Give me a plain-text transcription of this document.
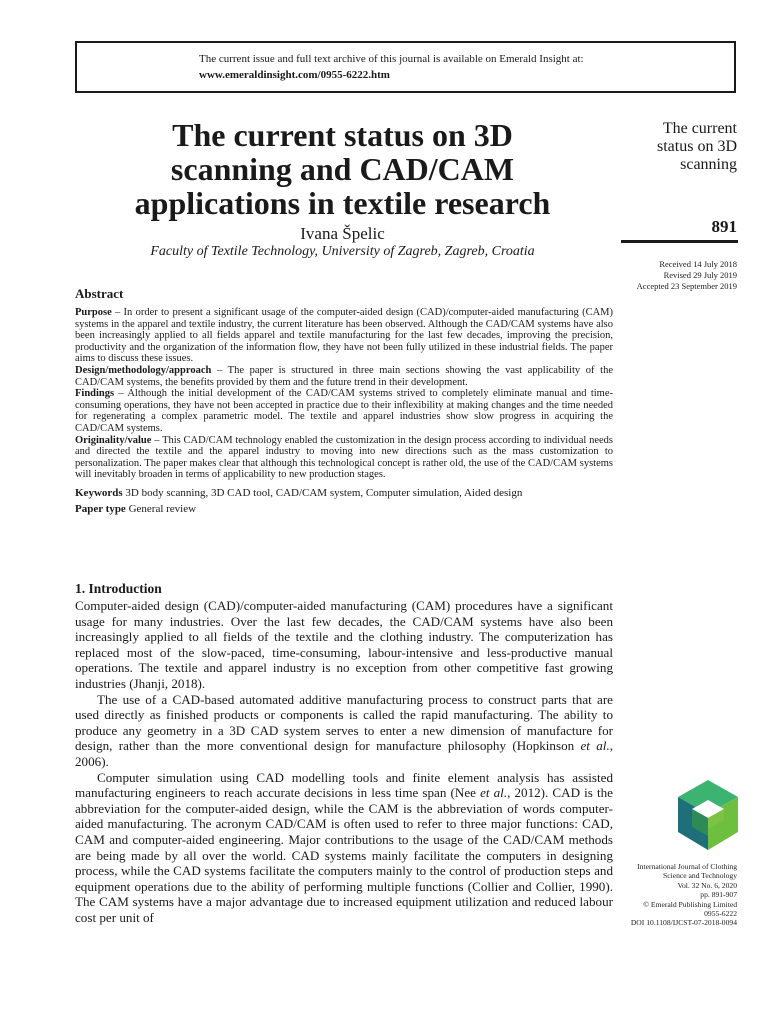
The current issue and full text archive of this journal is available on Emerald Insight at:
www.emeraldinsight.com/0955-6222.htm
The current status on 3D
scanning and CAD/CAM
applications in textile research
Ivana Špelic
Faculty of Textile Technology, University of Zagreb, Zagreb, Croatia
The current
status on 3D
scanning
891
Received 14 July 2018
Revised 29 July 2019
Accepted 23 September 2019
Abstract

Purpose – In order to present a significant usage of the computer-aided design (CAD)/computer-aided manufacturing (CAM) systems in the apparel and textile industry, the current literature has been observed. Although the CAD/CAM systems have also been increasingly applied to all fields apparel and textile manufacturing for the last few decades, improving the precision, productivity and the organization of the information flow, they have not been fully utilized in these industrial fields. The paper aims to discuss these issues.

Design/methodology/approach – The paper is structured in three main sections showing the vast applicability of the CAD/CAM systems, the benefits provided by them and the future trend in their development.

Findings – Although the initial development of the CAD/CAM systems strived to completely eliminate manual and time-consuming operations, they have not been accepted in practice due to their inflexibility at making changes and the time needed for regenerating a complex parametric model. The textile and apparel industries show slow progress in acquiring the CAD/CAM systems.

Originality/value – This CAD/CAM technology enabled the customization in the design process according to individual needs and directed the textile and the apparel industry to moving into new directions such as the mass customization to personalization. The paper makes clear that although this technological concept is rather old, the use of the CAD/CAM systems will inevitably broaden in terms of applicability to new production stages.

Keywords 3D body scanning, 3D CAD tool, CAD/CAM system, Computer simulation, Aided design
Paper type General review
1. Introduction

Computer-aided design (CAD)/computer-aided manufacturing (CAM) procedures have a significant usage for many industries. Over the last few decades, the CAD/CAM systems have also been increasingly applied to all fields of the textile and the clothing industry. The computerization has replaced most of the slow-paced, time-consuming, labour-intensive and less-productive manual operations. The textile and apparel industry is no exception from other competitive fast growing industries (Jhanji, 2018).

The use of a CAD-based automated additive manufacturing process to construct parts that are used directly as finished products or components is called the rapid manufacturing. The ability to produce any geometry in a 3D CAD system serves to enter a new dimension of manufacture for design, rather than the more conventional design for manufacture philosophy (Hopkinson et al., 2006).

Computer simulation using CAD modelling tools and finite element analysis has assisted manufacturing engineers to reach accurate decisions in less time span (Nee et al., 2012). CAD is the abbreviation for the computer-aided design, while the CAM is the abbreviation of words computer-aided manufacturing. The acronym CAD/CAM is often used to refer to three major functions: CAD, CAM and computer-aided engineering. Major contributions to the usage of the CAD/CAM methods are being made by all over the world. CAD systems mainly facilitate the computers in designing process, while the CAD systems facilitate the computers mainly to the control of production steps and equipment operations due to the ability of performing multiple functions (Collier and Collier, 1990). The CAM systems have a major advantage due to increased equipment utilization and reduced labour cost per unit of

International Journal of Clothing
Science and Technology
Vol. 32 No. 6, 2020
pp. 891-907
© Emerald Publishing Limited
0955-6222
DOI 10.1108/IJCST-07-2018-0094
